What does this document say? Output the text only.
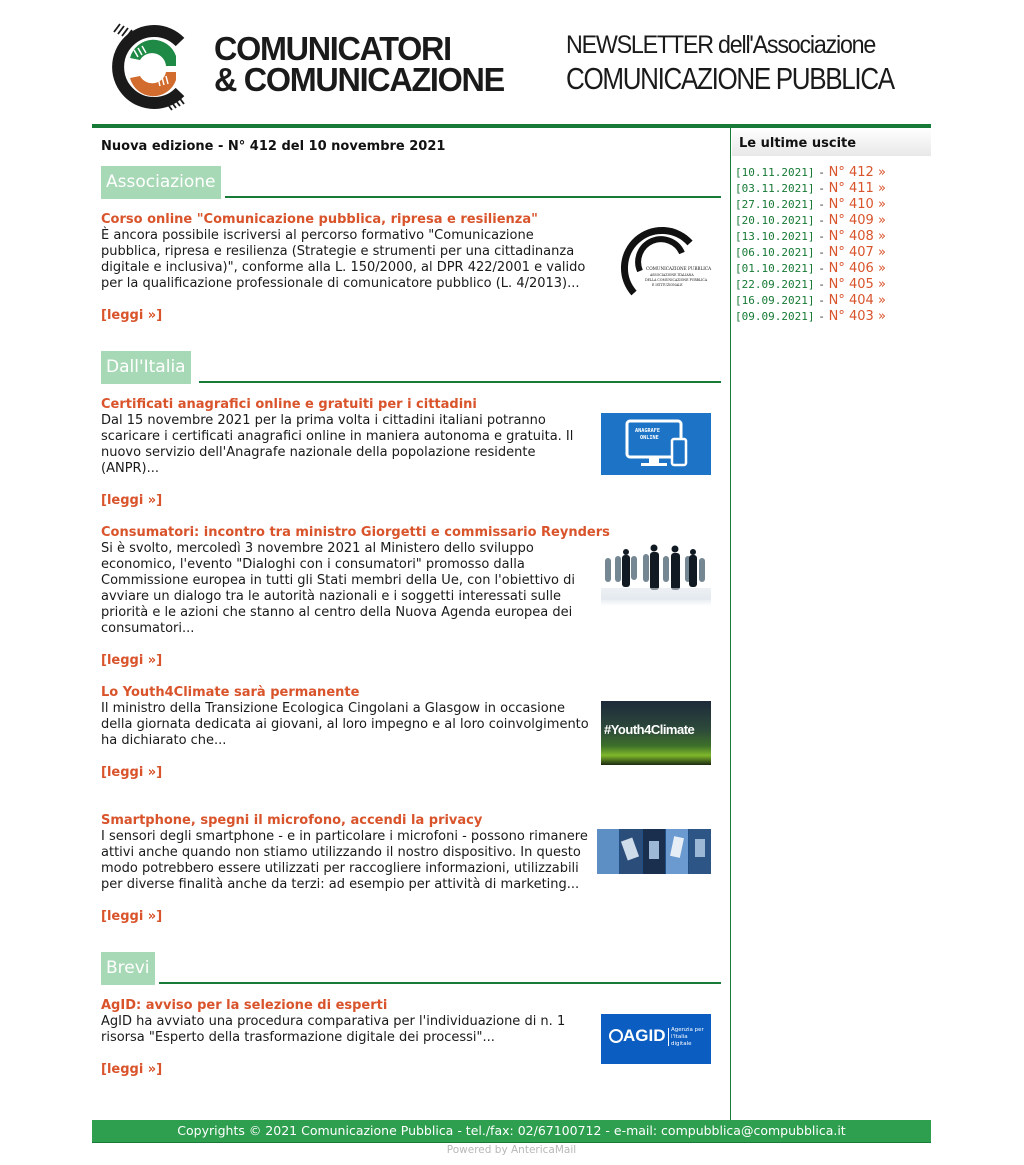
COMUNICATORI
& COMUNICAZIONE
NEWSLETTER dell'Associazione
COMUNICAZIONE PUBBLICA
Nuova edizione - N° 412 del 10 novembre 2021
Associazione
Corso online "Comunicazione pubblica, ripresa e resilienza"
È ancora possibile iscriversi al percorso formativo "Comunicazione pubblica, ripresa e resilienza (Strategie e strumenti per una cittadinanza digitale e inclusiva)", conforme alla L. 150/2000, al DPR 422/2001 e valido per la qualificazione professionale di comunicatore pubblico (L. 4/2013)...
[leggi »]
COMUNICAZIONE PUBBLICA
ASSOCIAZIONE ITALIANA
DELLA COMUNICAZIONE PUBBLICA
E ISTITUZIONALE
Dall'Italia
Certificati anagrafici online e gratuiti per i cittadini
Dal 15 novembre 2021 per la prima volta i cittadini italiani potranno scaricare i certificati anagrafici online in maniera autonoma e gratuita. Il nuovo servizio dell'Anagrafe nazionale della popolazione residente (ANPR)...
[leggi »]
ANAGRAFE
ONLINE
Consumatori: incontro tra ministro Giorgetti e commissario Reynders
Si è svolto, mercoledì 3 novembre 2021 al Ministero dello sviluppo economico, l'evento "Dialoghi con i consumatori" promosso dalla Commissione europea in tutti gli Stati membri della Ue, con l'obiettivo di avviare un dialogo tra le autorità nazionali e i soggetti interessati sulle priorità e le azioni che stanno al centro della Nuova Agenda europea dei consumatori...
[leggi »]
Lo Youth4Climate sarà permanente
Il ministro della Transizione Ecologica Cingolani a Glasgow in occasione della giornata dedicata ai giovani, al loro impegno e al loro coinvolgimento ha dichiarato che...
[leggi »]
#Youth4Climate
Smartphone, spegni il microfono, accendi la privacy
I sensori degli smartphone - e in particolare i microfoni - possono rimanere attivi anche quando non stiamo utilizzando il nostro dispositivo. In questo modo potrebbero essere utilizzati per raccogliere informazioni, utilizzabili per diverse finalità anche da terzi: ad esempio per attività di marketing...
[leggi »]
Brevi
AgID: avviso per la selezione di esperti
AgID ha avviato una procedura comparativa per l'individuazione di n. 1 risorsa "Esperto della trasformazione digitale dei processi"...
[leggi »]
AGID Agenzia per l'Italia digitale
Le ultime uscite
[10.11.2021] - N° 412 »
[03.11.2021] - N° 411 »
[27.10.2021] - N° 410 »
[20.10.2021] - N° 409 »
[13.10.2021] - N° 408 »
[06.10.2021] - N° 407 »
[01.10.2021] - N° 406 »
[22.09.2021] - N° 405 »
[16.09.2021] - N° 404 »
[09.09.2021] - N° 403 »
Copyrights © 2021 Comunicazione Pubblica - tel./fax: 02/67100712 - e-mail: compubblica@compubblica.it
Powered by AntericaMail
